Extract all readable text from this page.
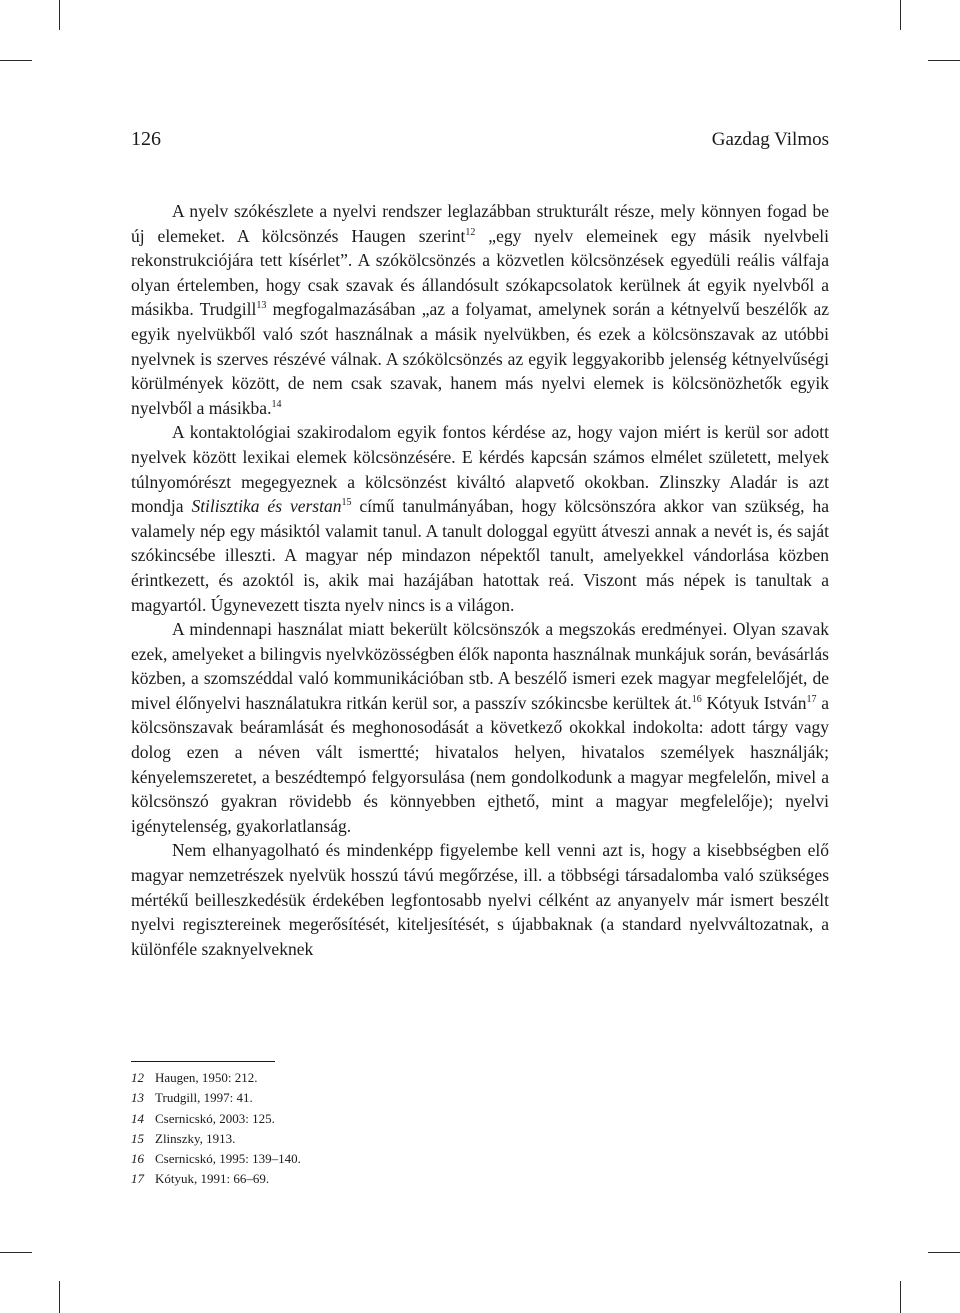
126	Gazdag Vilmos

A nyelv szókészlete a nyelvi rendszer leglazábban strukturált része, mely könnyen fogad be új elemeket. A kölcsönzés Haugen szerint$^{12}$ „egy nyelv elemeinek egy másik nyelvbeli rekonstrukciójára tett kísérlet”. A szókölcsönzés a közvetlen kölcsönzések egyedüli reális válfaja olyan értelemben, hogy csak szavak és állandósult szókapcsolatok kerülnek át egyik nyelvből a másikba. Trudgill$^{13}$ megfogalmazásában „az a folyamat, amelynek során a kétnyelvű beszélők az egyik nyelvükből való szót használnak a másik nyelvükben, és ezek a kölcsönszavak az utóbbi nyelvnek is szerves részévé válnak. A szókölcsönzés az egyik leggyakoribb jelenség kétnyelvűségi körülmények között, de nem csak szavak, hanem más nyelvi elemek is kölcsönözhetők egyik nyelvből a másikba.$^{14}$

A kontaktológiai szakirodalom egyik fontos kérdése az, hogy vajon miért is kerül sor adott nyelvek között lexikai elemek kölcsönzésére. E kérdés kapcsán számos elmélet született, melyek túlnyomórészt megegyeznek a kölcsönzést kiváltó alapvető okokban. Zlinszky Aladár is azt mondja Stilisztika és verstan$^{15}$ című tanulmányában, hogy kölcsönszóra akkor van szükség, ha valamely nép egy másiktól valamit tanul. A tanult dologgal együtt átveszi annak a nevét is, és saját szókincsébe illeszti. A magyar nép mindazon népektől tanult, amelyekkel vándorlása közben érintkezett, és azoktól is, akik mai hazájában hatottak reá. Viszont más népek is tanultak a magyartól. Úgynevezett tiszta nyelv nincs is a világon.

A mindennapi használat miatt bekerült kölcsönszók a megszokás eredményei. Olyan szavak ezek, amelyeket a bilingvis nyelvközösségben élők naponta használnak munkájuk során, bevásárlás közben, a szomszéddal való kommunikációban stb. A beszélő ismeri ezek magyar megfelelőjét, de mivel élőnyelvi használatukra ritkán kerül sor, a passzív szókincsbe kerültek át.$^{16}$ Kótyuk István$^{17}$ a kölcsönszavak beáramlását és meghonosodását a következő okokkal indokolta: adott tárgy vagy dolog ezen a néven vált ismertté; hivatalos helyen, hivatalos személyek használják; kényelemszeretet, a beszédtempó felgyorsulása (nem gondolkodunk a magyar megfelelőn, mivel a kölcsönszó gyakran rövidebb és könnyebben ejthető, mint a magyar megfelelője); nyelvi igénytelenség, gyakorlatlanság.

Nem elhanyagolható és mindenképp figyelembe kell venni azt is, hogy a kisebbségben elő magyar nemzetrészek nyelvük hosszú távú megőrzése, ill. a többségi társadalomba való szükséges mértékű beilleszkedésük érdekében legfontosabb nyelvi célként az anyanyelv már ismert beszélt nyelvi regisztereinek megerősítését, kiteljesítését, s újabbaknak (a standard nyelvváltozatnak, a különféle szaknyelveknek

12 Haugen, 1950: 212.
13 Trudgill, 1997: 41.
14 Csernicskó, 2003: 125.
15 Zlinszky, 1913.
16 Csernicskó, 1995: 139–140.
17 Kótyuk, 1991: 66–69.
